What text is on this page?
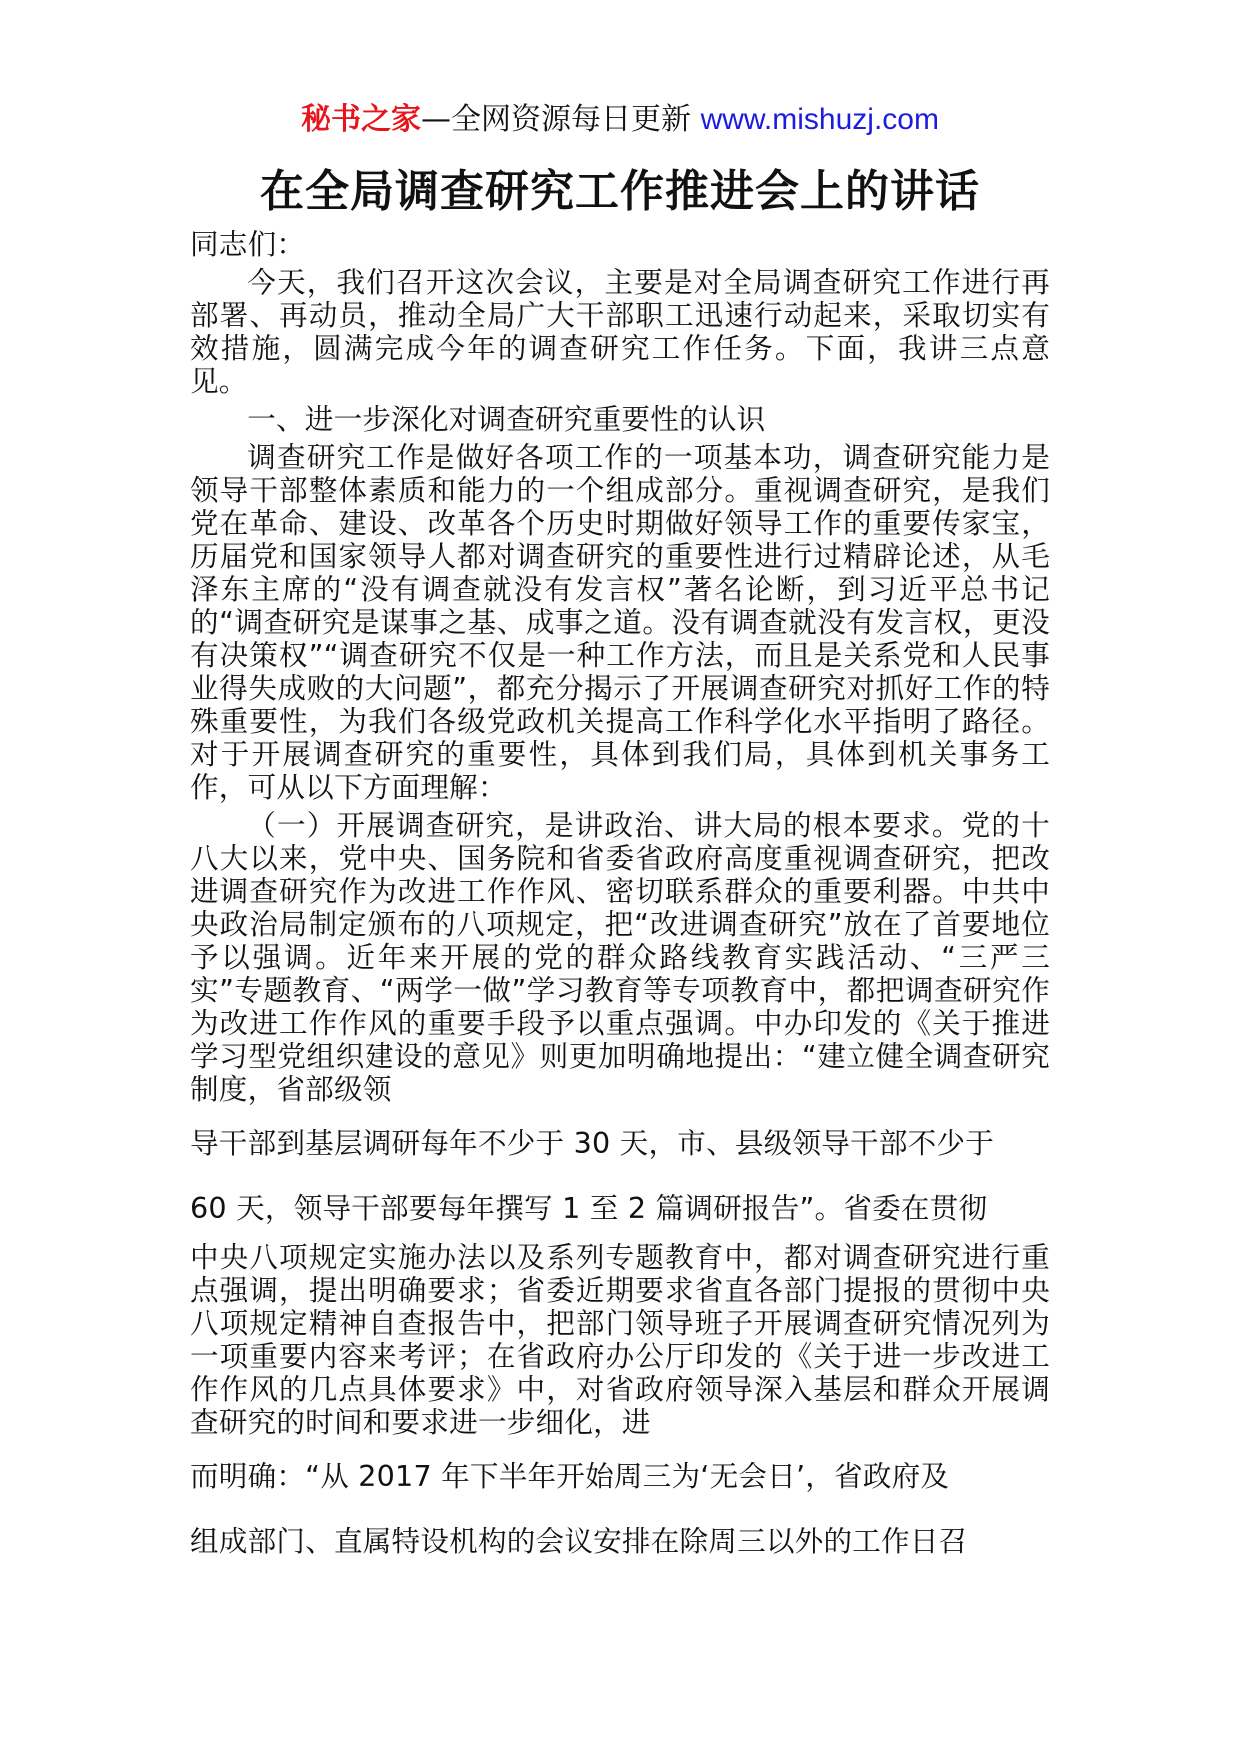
秘书之家—全网资源每日更新 www.mishuzj.com
在全局调查研究工作推进会上的讲话

同志们：

今天，我们召开这次会议，主要是对全局调查研究工作进行再部署、再动员，推动全局广大干部职工迅速行动起来，采取切实有效措施，圆满完成今年的调查研究工作任务。下面，我讲三点意见。

一、进一步深化对调查研究重要性的认识

调查研究工作是做好各项工作的一项基本功，调查研究能力是领导干部整体素质和能力的一个组成部分。重视调查研究，是我们党在革命、建设、改革各个历史时期做好领导工作的重要传家宝，历届党和国家领导人都对调查研究的重要性进行过精辟论述，从毛泽东主席的“没有调查就没有发言权”著名论断，到习近平总书记的“调查研究是谋事之基、成事之道。没有调查就没有发言权，更没有决策权”“调查研究不仅是一种工作方法，而且是关系党和人民事业得失成败的大问题”，都充分揭示了开展调查研究对抓好工作的特殊重要性，为我们各级党政机关提高工作科学化水平指明了路径。对于开展调查研究的重要性，具体到我们局，具体到机关事务工作，可从以下方面理解：

（一）开展调查研究，是讲政治、讲大局的根本要求。党的十八大以来，党中央、国务院和省委省政府高度重视调查研究，把改进调查研究作为改进工作作风、密切联系群众的重要利器。中共中央政治局制定颁布的八项规定，把“改进调查研究”放在了首要地位予以强调。近年来开展的党的群众路线教育实践活动、“三严三实”专题教育、“两学一做”学习教育等专项教育中，都把调查研究作为改进工作作风的重要手段予以重点强调。中办印发的《关于推进学习型党组织建设的意见》则更加明确地提出：“建立健全调查研究制度，省部级领

导干部到基层调研每年不少于 30 天，市、县级领导干部不少于

60 天，领导干部要每年撰写 1 至 2 篇调研报告”。省委在贯彻

中央八项规定实施办法以及系列专题教育中，都对调查研究进行重点强调，提出明确要求；省委近期要求省直各部门提报的贯彻中央八项规定精神自查报告中，把部门领导班子开展调查研究情况列为一项重要内容来考评；在省政府办公厅印发的《关于进一步改进工作作风的几点具体要求》中，对省政府领导深入基层和群众开展调查研究的时间和要求进一步细化，进

而明确：“从 2017 年下半年开始周三为‘无会日’，省政府及

组成部门、直属特设机构的会议安排在除周三以外的工作日召
